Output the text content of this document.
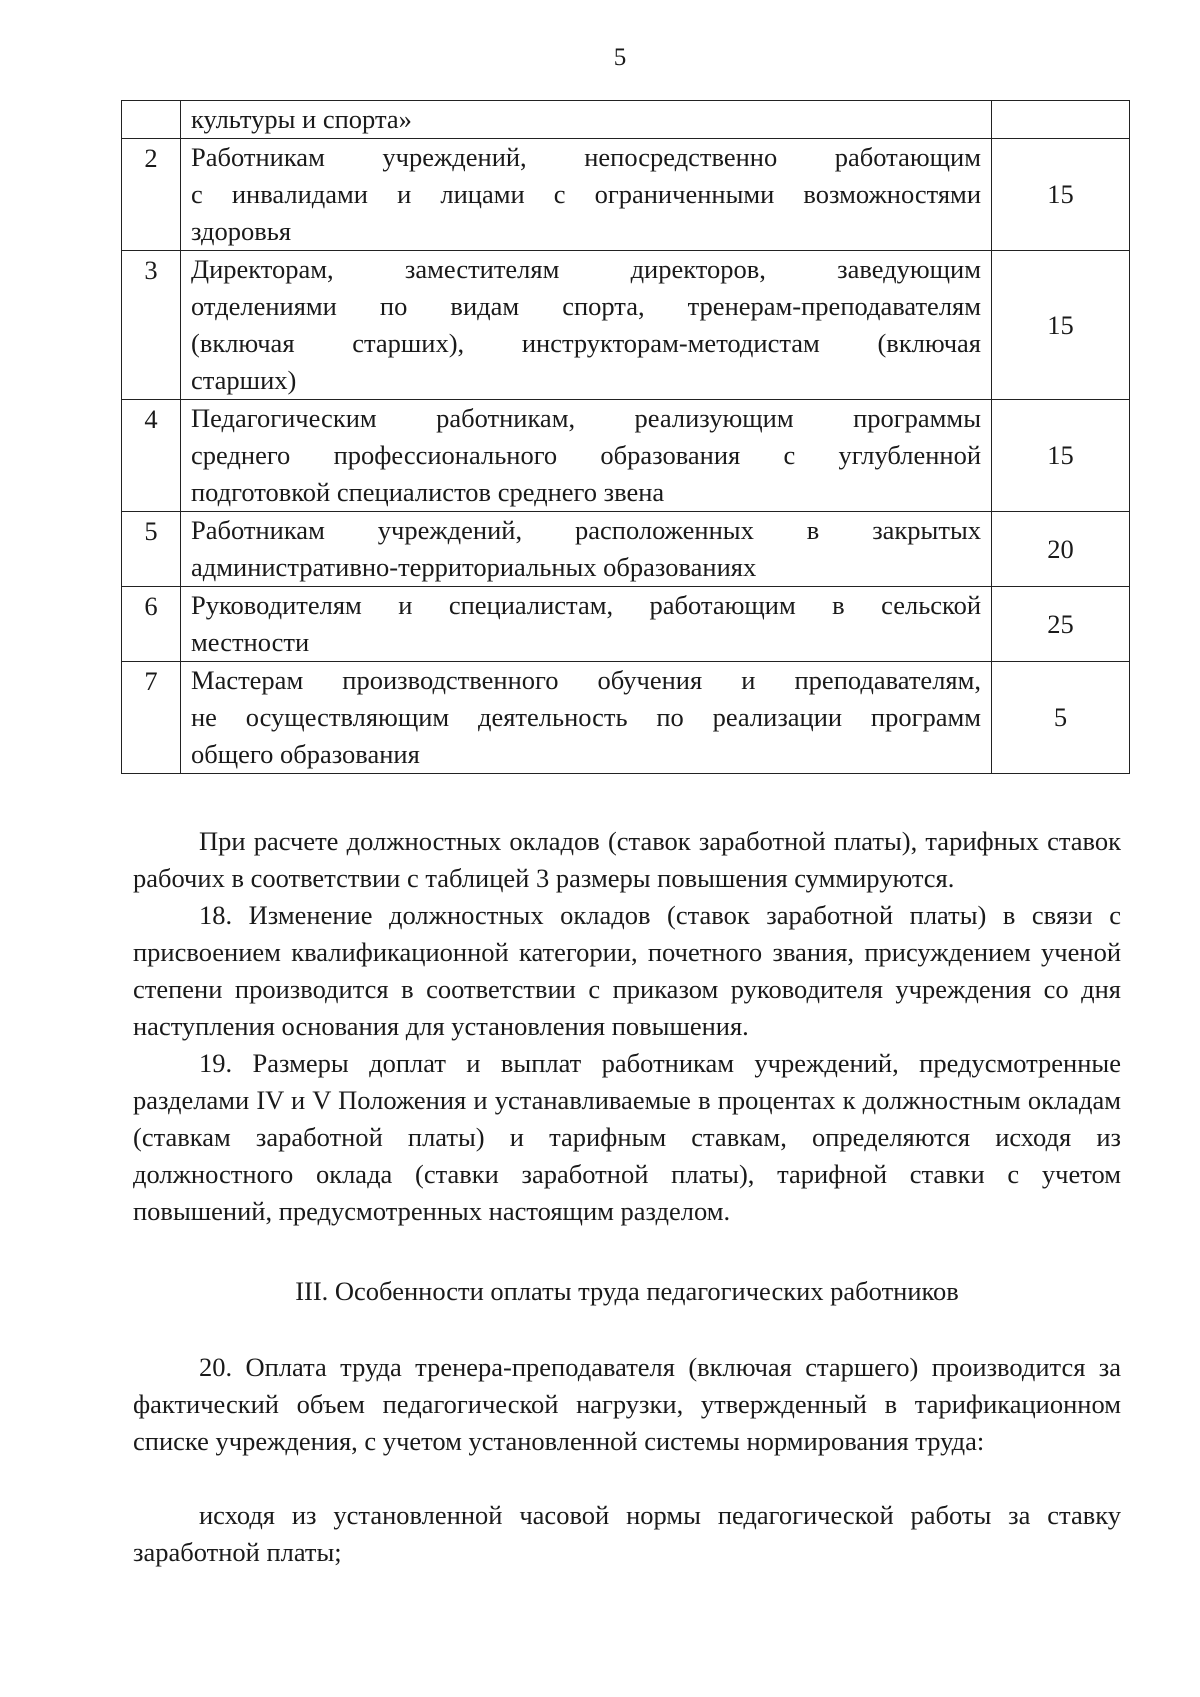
5

	культуры и спорта»	

2	Работникам учреждений, непосредственно работающим
с инвалидами и лицами с ограниченными возможностями
здоровья	15
3	Директорам, заместителям директоров, заведующим
отделениями по видам спорта, тренерам-преподавателям
(включая старших), инструкторам-методистам (включая
старших)	15
4	Педагогическим работникам, реализующим программы
среднего профессионального образования с углубленной
подготовкой специалистов среднего звена	15
5	Работникам учреждений, расположенных в закрытых
административно-территориальных образованиях	20
6	Руководителям и специалистам, работающим в сельской
местности	25
7	Мастерам производственного обучения и преподавателям,
не осуществляющим деятельность по реализации программ
общего образования	5

При расчете должностных окладов (ставок заработной платы), тарифных ставок рабочих в соответствии с таблицей 3 размеры повышения суммируются.

18. Изменение должностных окладов (ставок заработной платы) в связи с присвоением квалификационной категории, почетного звания, присуждением ученой степени производится в соответствии с приказом руководителя учреждения со дня наступления основания для установления повышения.

19. Размеры доплат и выплат работникам учреждений, предусмотренные разделами IV и V Положения и устанавливаемые в процентах к должностным окладам (ставкам заработной платы) и тарифным ставкам, определяются исходя из должностного оклада (ставки заработной платы), тарифной ставки с учетом повышений, предусмотренных настоящим разделом.

III. Особенности оплаты труда педагогических работников

20. Оплата труда тренера-преподавателя (включая старшего) производится за фактический объем педагогической нагрузки, утвержденный в тарификационном списке учреждения, с учетом установленной системы нормирования труда:

исходя из установленной часовой нормы педагогической работы за ставку заработной платы;
